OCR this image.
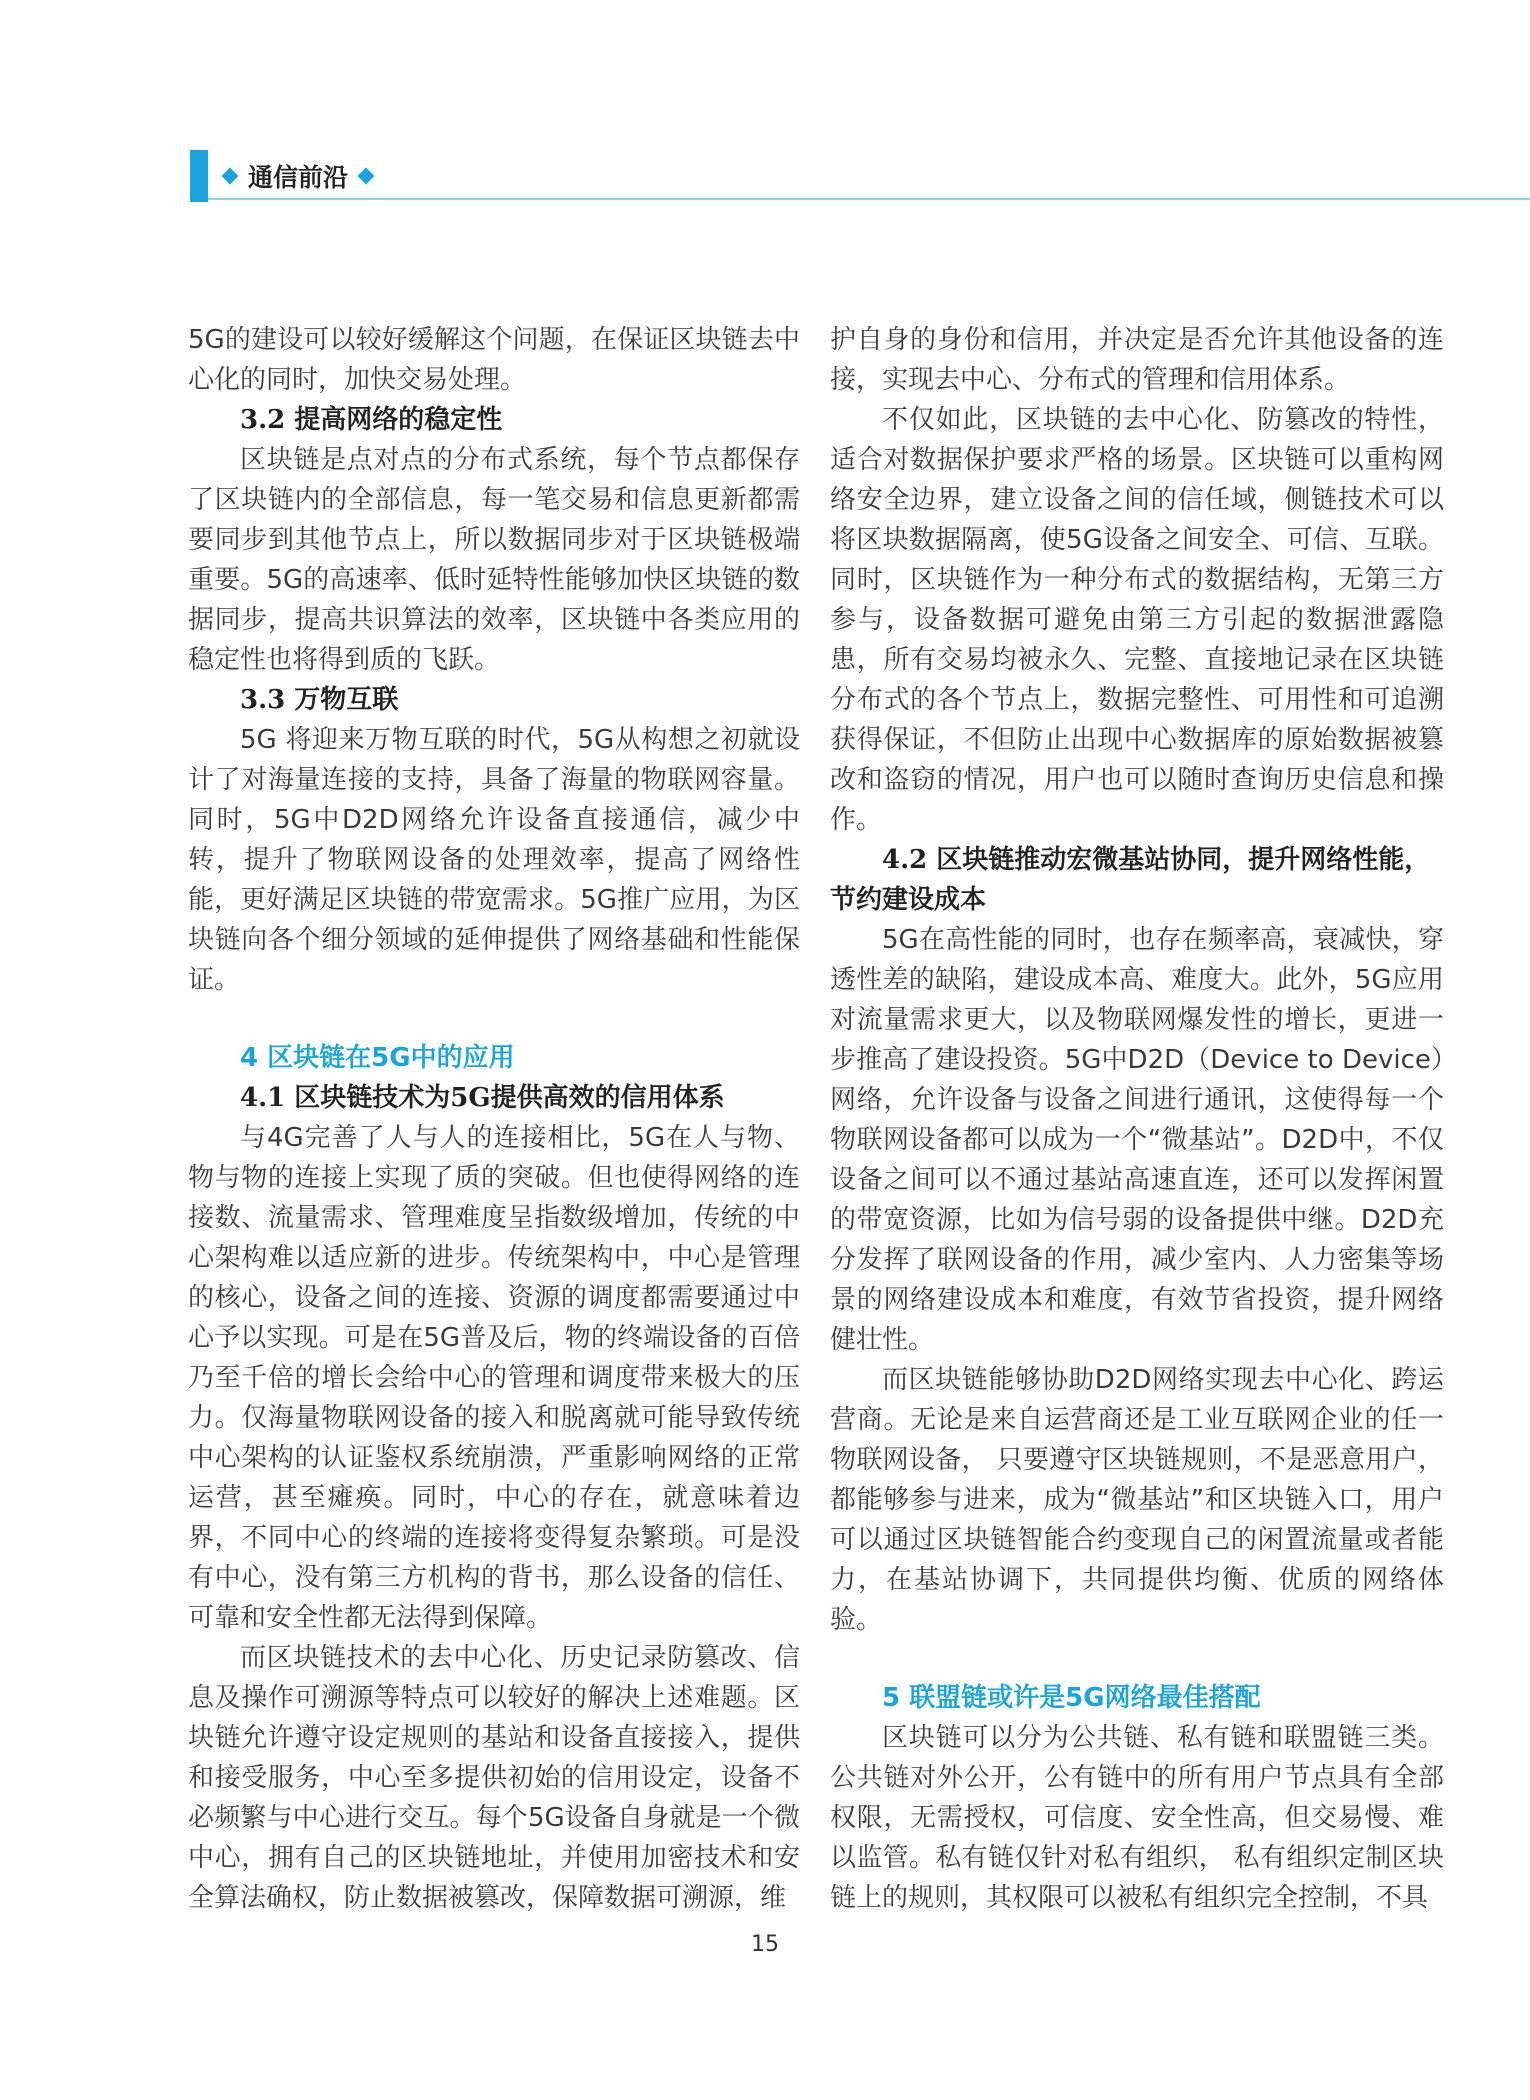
通信前沿

5G的建设可以较好缓解这个问题，在保证区块链去中心化的同时，加快交易处理。

3.2 提高网络的稳定性

区块链是点对点的分布式系统，每个节点都保存了区块链内的全部信息，每一笔交易和信息更新都需要同步到其他节点上，所以数据同步对于区块链极端重要。5G的高速率、低时延特性能够加快区块链的数据同步，提高共识算法的效率，区块链中各类应用的稳定性也将得到质的飞跃。

3.3 万物互联

5G 将迎来万物互联的时代，5G从构想之初就设计了对海量连接的支持，具备了海量的物联网容量。同时，5G中D2D网络允许设备直接通信，减少中转，提升了物联网设备的处理效率，提高了网络性能，更好满足区块链的带宽需求。5G推广应用，为区块链向各个细分领域的延伸提供了网络基础和性能保证。

4 区块链在5G中的应用
4.1 区块链技术为5G提供高效的信用体系

与4G完善了人与人的连接相比，5G在人与物、物与物的连接上实现了质的突破。但也使得网络的连接数、流量需求、管理难度呈指数级增加，传统的中心架构难以适应新的进步。传统架构中，中心是管理的核心，设备之间的连接、资源的调度都需要通过中心予以实现。可是在5G普及后，物的终端设备的百倍乃至千倍的增长会给中心的管理和调度带来极大的压力。仅海量物联网设备的接入和脱离就可能导致传统中心架构的认证鉴权系统崩溃，严重影响网络的正常运营，甚至瘫痪。同时，中心的存在，就意味着边界，不同中心的终端的连接将变得复杂繁琐。可是没有中心，没有第三方机构的背书，那么设备的信任、可靠和安全性都无法得到保障。

而区块链技术的去中心化、历史记录防篡改、信息及操作可溯源等特点可以较好的解决上述难题。区块链允许遵守设定规则的基站和设备直接接入，提供和接受服务，中心至多提供初始的信用设定，设备不必频繁与中心进行交互。每个5G设备自身就是一个微中心，拥有自己的区块链地址，并使用加密技术和安全算法确权，防止数据被篡改，保障数据可溯源，维

护自身的身份和信用，并决定是否允许其他设备的连接，实现去中心、分布式的管理和信用体系。

不仅如此，区块链的去中心化、防篡改的特性，适合对数据保护要求严格的场景。区块链可以重构网络安全边界，建立设备之间的信任域，侧链技术可以将区块数据隔离，使5G设备之间安全、可信、互联。同时，区块链作为一种分布式的数据结构，无第三方参与，设备数据可避免由第三方引起的数据泄露隐患，所有交易均被永久、完整、直接地记录在区块链分布式的各个节点上，数据完整性、可用性和可追溯获得保证，不但防止出现中心数据库的原始数据被篡改和盗窃的情况，用户也可以随时查询历史信息和操作。

4.2 区块链推动宏微基站协同，提升网络性能，节约建设成本

5G在高性能的同时，也存在频率高，衰减快，穿透性差的缺陷，建设成本高、难度大。此外，5G应用对流量需求更大，以及物联网爆发性的增长，更进一步推高了建设投资。5G中D2D（Device to Device）网络，允许设备与设备之间进行通讯，这使得每一个物联网设备都可以成为一个“微基站”。D2D中，不仅设备之间可以不通过基站高速直连，还可以发挥闲置的带宽资源，比如为信号弱的设备提供中继。D2D充分发挥了联网设备的作用，减少室内、人力密集等场景的网络建设成本和难度，有效节省投资，提升网络健壮性。

而区块链能够协助D2D网络实现去中心化、跨运营商。无论是来自运营商还是工业互联网企业的任一物联网设备， 只要遵守区块链规则，不是恶意用户，都能够参与进来，成为“微基站”和区块链入口，用户可以通过区块链智能合约变现自己的闲置流量或者能力，在基站协调下，共同提供均衡、优质的网络体验。

5 联盟链或许是5G网络最佳搭配

区块链可以分为公共链、私有链和联盟链三类。公共链对外公开，公有链中的所有用户节点具有全部权限，无需授权，可信度、安全性高，但交易慢、难以监管。私有链仅针对私有组织， 私有组织定制区块链上的规则，其权限可以被私有组织完全控制，不具

15
